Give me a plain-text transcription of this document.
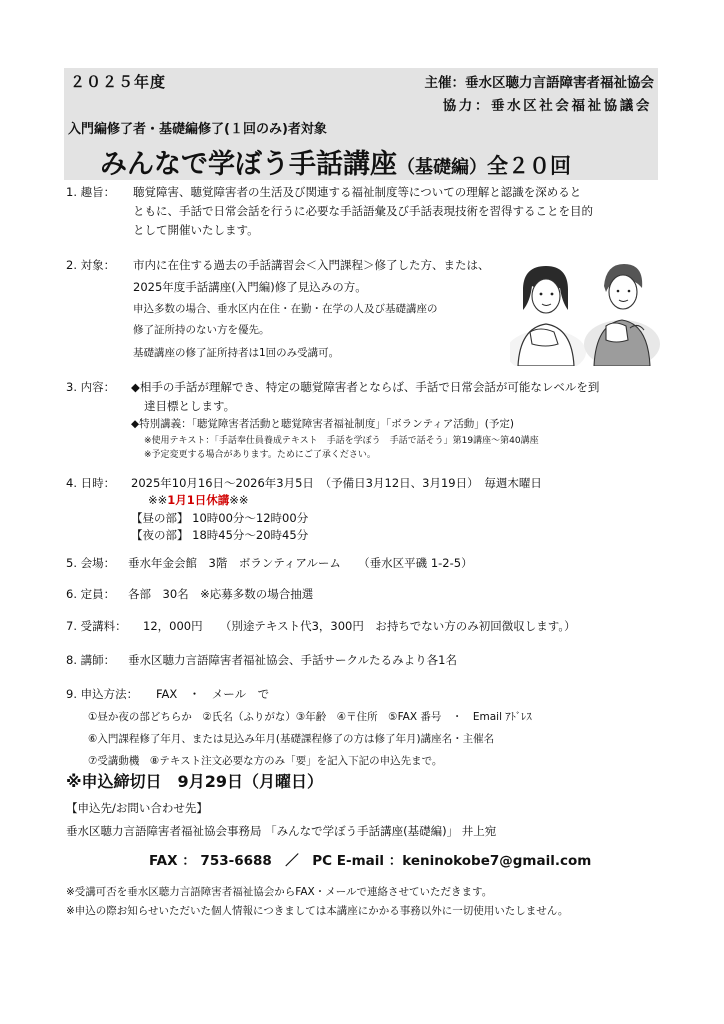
２０２５年度	主催：垂水区聴力言語障害者福祉協会
協力：垂水区社会福祉協議会
入門編修了者・基礎編修了(１回のみ)者対象
みんなで学ぼう手話講座（基礎編）全２０回
1. 趣旨： 聴覚障害、聴覚障害者の生活及び関連する福祉制度等についての理解と認識を深めると
ともに、手話で日常会話を行うに必要な手話語彙及び手話表現技術を習得することを目的
として開催いたします。
2. 対象： 市内に在住する過去の手話講習会＜入門課程＞修了した方、または、
2025年度手話講座(入門編)修了見込みの方。
申込多数の場合、垂水区内在住・在勤・在学の人及び基礎講座の
修了証所持のない方を優先。
基礎講座の修了証所持者は1回のみ受講可。
3. 内容： ◆相手の手話が理解でき、特定の聴覚障害者とならば、手話で日常会話が可能なレベルを到
達目標とします。
◆特別講義：「聴覚障害者活動と聴覚障害者福祉制度」「ボランティア活動」(予定)
※使用テキスト：「手話奉仕員養成テキスト　手話を学ぼう　手話で話そう」第19講座～第40講座
※予定変更する場合があります。ためにご了承ください。
4. 日時： 2025年10月16日～2026年3月5日　（予備日3月12日、3月19日）　毎週木曜日
※※1月1日休講※※
【昼の部】 10時00分～12時00分
【夜の部】 18時45分～20時45分
5. 会場： 垂水年金会館　3階　ボランティアルーム　　（垂水区平磯 1-2-5）
6. 定員： 各部　30名　※応募多数の場合抽選
7. 受講料： 12，000円　　（別途テキスト代3，300円　お持ちでない方のみ初回徴収します。）
8. 講師： 垂水区聴力言語障害者福祉協会、手話サークルたるみより各1名
9. 申込方法： FAX　・　メール　で
①昼か夜の部どちらか　②氏名（ふりがな）③年齢　④〒住所　⑤FAX 番号　・　Email ｱﾄﾞﾚｽ
⑥入門課程修了年月、または見込み年月(基礎課程修了の方は修了年月)講座名・主催名
⑦受講動機　⑧テキスト注文必要な方のみ「要」を記入下記の申込先まで。
※申込締切日　9月29日（月曜日）
【申込先/お問い合わせ先】
垂水区聴力言語障害者福祉協会事務局 「みんなで学ぼう手話講座(基礎編)」 井上宛
FAX ： 753-6688　／　PC E-mail ：keninokobe7@gmail.com
※受講可否を垂水区聴力言語障害者福祉協会からFAX・メールで連絡させていただきます。
※申込の際お知らせいただいた個人情報につきましては本講座にかかる事務以外に一切使用いたしません。
